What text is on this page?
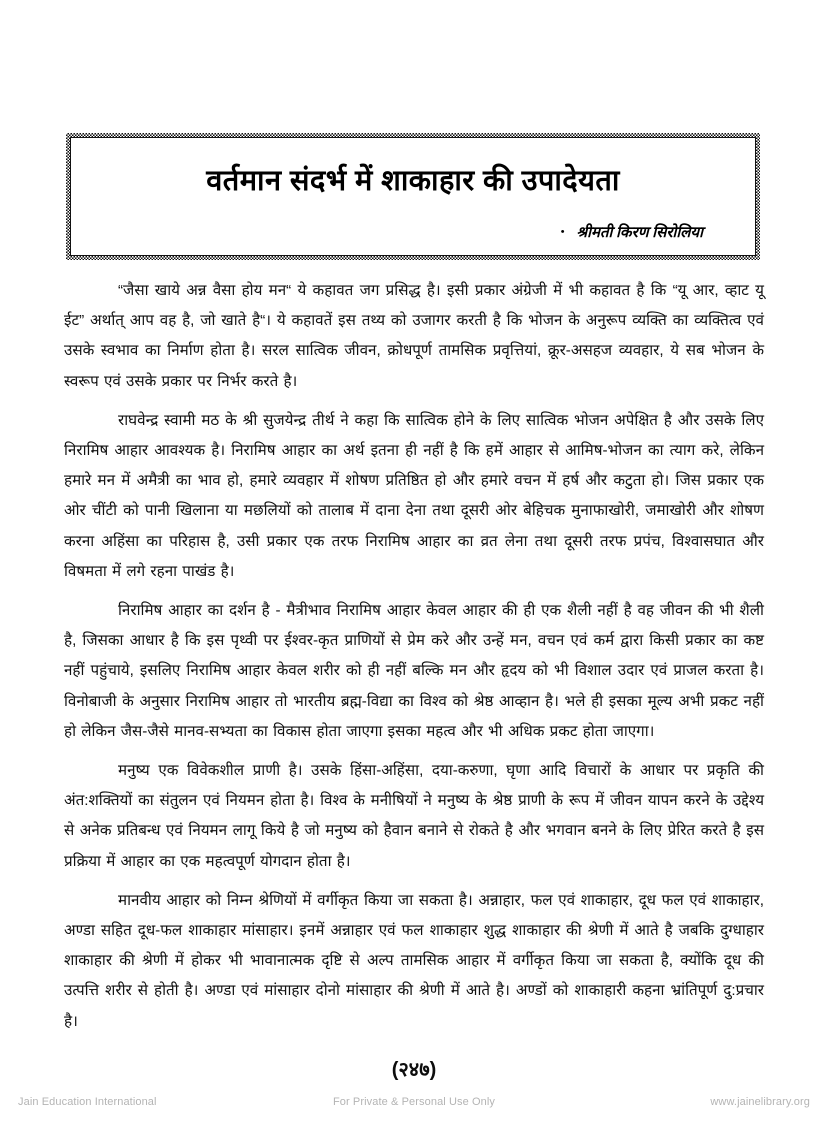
वर्तमान संदर्भ में शाकाहार की उपादेयता
• श्रीमती किरण सिरोलिया

“जैसा खाये अन्न वैसा होय मन“ ये कहावत जग प्रसिद्ध है। इसी प्रकार अंग्रेजी में भी कहावत है कि “यू आर, व्हाट यू ईट” अर्थात् आप वह है, जो खाते है“। ये कहावतें इस तथ्य को उजागर करती है कि भोजन के अनुरूप व्यक्ति का व्यक्तित्व एवं उसके स्वभाव का निर्माण होता है। सरल सात्विक जीवन, क्रोधपूर्ण तामसिक प्रवृत्तियां, क्रूर-असहज व्यवहार, ये सब भोजन के स्वरूप एवं उसके प्रकार पर निर्भर करते है।

राघवेन्द्र स्वामी मठ के श्री सुजयेन्द्र तीर्थ ने कहा कि सात्विक होने के लिए सात्विक भोजन अपेक्षित है और उसके लिए निरामिष आहार आवश्यक है। निरामिष आहार का अर्थ इतना ही नहीं है कि हमें आहार से आमिष-भोजन का त्याग करे, लेकिन हमारे मन में अमैत्री का भाव हो, हमारे व्यवहार में शोषण प्रतिष्ठित हो और हमारे वचन में हर्ष और कटुता हो। जिस प्रकार एक ओर चींटी को पानी खिलाना या मछलियों को तालाब में दाना देना तथा दूसरी ओर बेहिचक मुनाफाखोरी, जमाखोरी और शोषण करना अहिंसा का परिहास है, उसी प्रकार एक तरफ निरामिष आहार का व्रत लेना तथा दूसरी तरफ प्रपंच, विश्वासघात और विषमता में लगे रहना पाखंड है।

निरामिष आहार का दर्शन है - मैत्रीभाव निरामिष आहार केवल आहार की ही एक शैली नहीं है वह जीवन की भी शैली है, जिसका आधार है कि इस पृथ्वी पर ईश्वर-कृत प्राणियों से प्रेम करे और उन्हें मन, वचन एवं कर्म द्वारा किसी प्रकार का कष्ट नहीं पहुंचाये, इसलिए निरामिष आहार केवल शरीर को ही नहीं बल्कि मन और हृदय को भी विशाल उदार एवं प्राजल करता है। विनोबाजी के अनुसार निरामिष आहार तो भारतीय ब्रह्म-विद्या का विश्व को श्रेष्ठ आव्हान है। भले ही इसका मूल्य अभी प्रकट नहीं हो लेकिन जैस-जैसे मानव-सभ्यता का विकास होता जाएगा इसका महत्व और भी अधिक प्रकट होता जाएगा।

मनुष्य एक विवेकशील प्राणी है। उसके हिंसा-अहिंसा, दया-करुणा, घृणा आदि विचारों के आधार पर प्रकृति की अंत:शक्तियों का संतुलन एवं नियमन होता है। विश्व के मनीषियों ने मनुष्य के श्रेष्ठ प्राणी के रूप में जीवन यापन करने के उद्देश्य से अनेक प्रतिबन्ध एवं नियमन लागू किये है जो मनुष्य को हैवान बनाने से रोकते है और भगवान बनने के लिए प्रेरित करते है इस प्रक्रिया में आहार का एक महत्वपूर्ण योगदान होता है।

मानवीय आहार को निम्न श्रेणियों में वर्गीकृत किया जा सकता है। अन्नाहार, फल एवं शाकाहार, दूध फल एवं शाकाहार, अण्डा सहित दूध-फल शाकाहार मांसाहार। इनमें अन्नाहार एवं फल शाकाहार शुद्ध शाकाहार की श्रेणी में आते है जबकि दुग्धाहार शाकाहार की श्रेणी में होकर भी भावानात्मक दृष्टि से अल्प तामसिक आहार में वर्गीकृत किया जा सकता है, क्योंकि दूध की उत्पत्ति शरीर से होती है। अण्डा एवं मांसाहार दोनो मांसाहार की श्रेणी में आते है। अण्डों को शाकाहारी कहना भ्रांतिपूर्ण दु:प्रचार है।

(२४७)
Jain Education International	For Private & Personal Use Only	www.jainelibrary.org
